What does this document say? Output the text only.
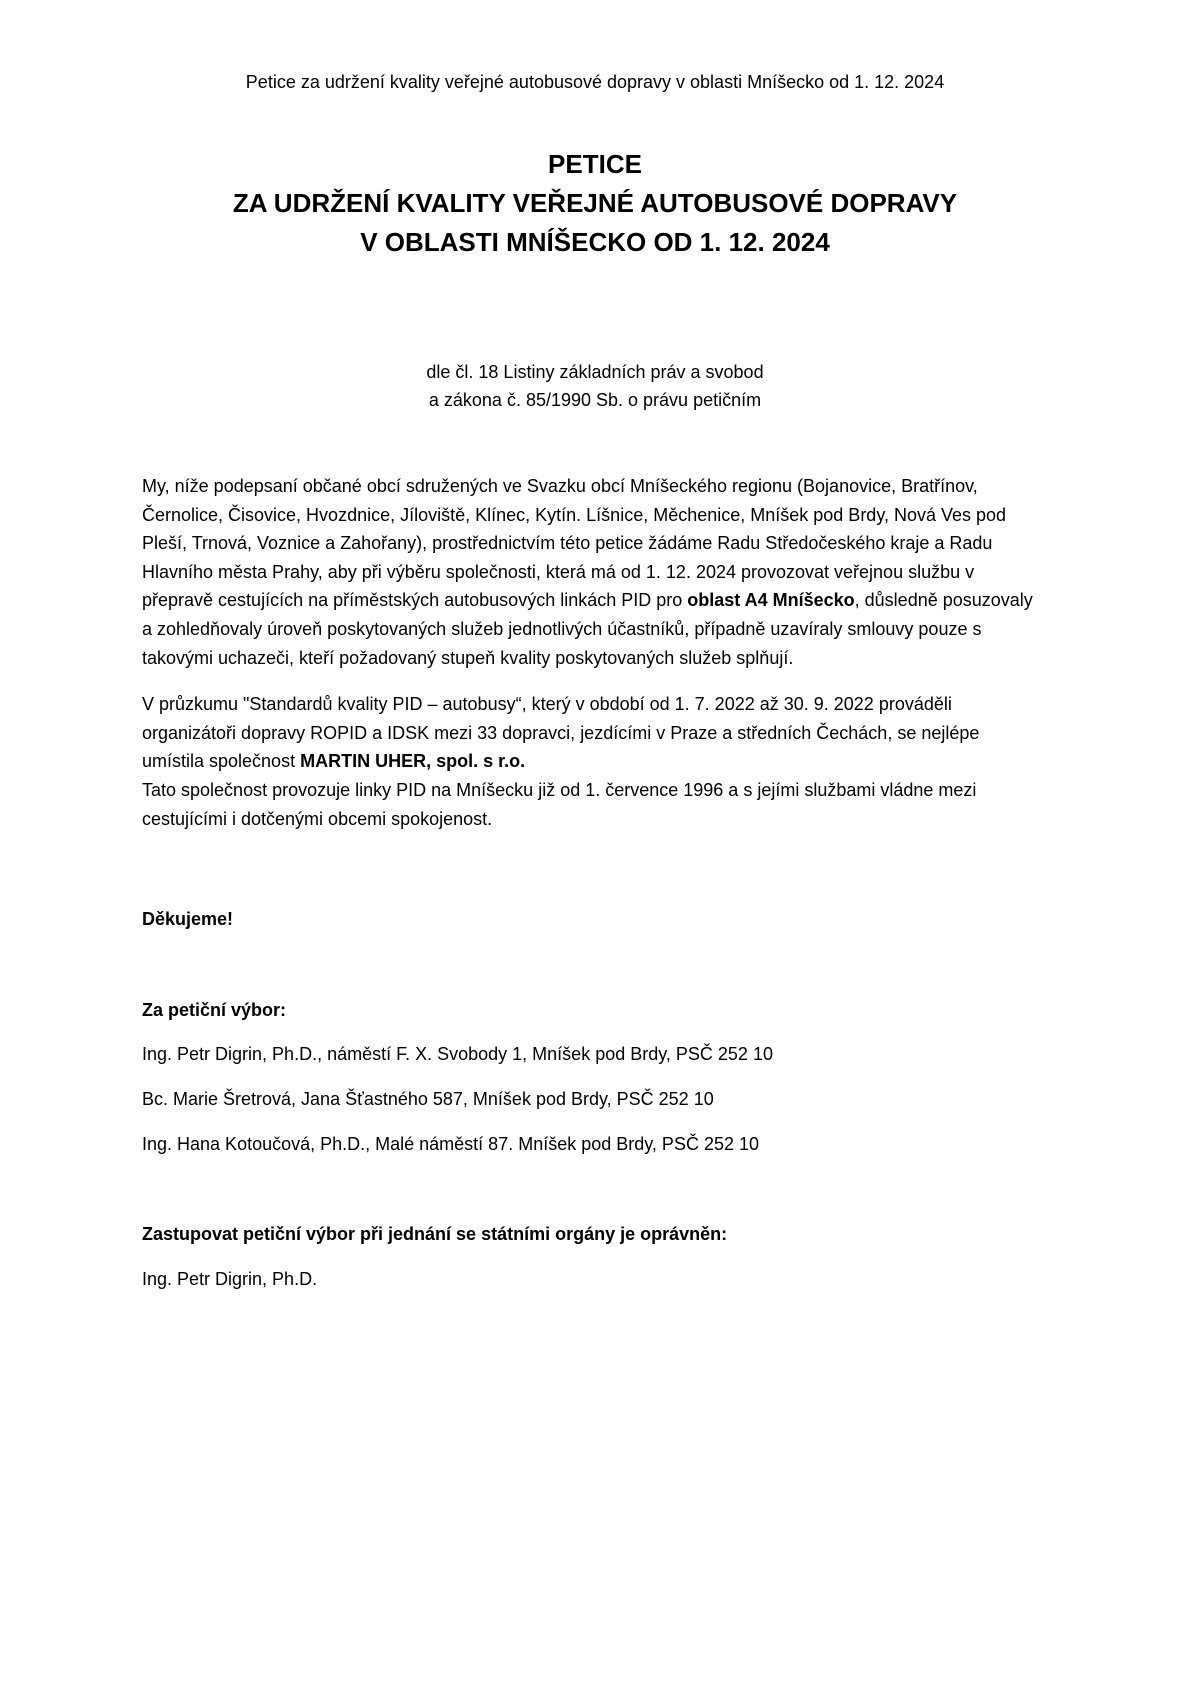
Petice za udržení kvality veřejné autobusové dopravy v oblasti Mníšecko od 1. 12. 2024
PETICE
ZA UDRŽENÍ KVALITY VEŘEJNÉ AUTOBUSOVÉ DOPRAVY
V OBLASTI MNÍŠECKO OD 1. 12. 2024
dle čl. 18 Listiny základních práv a svobod
a zákona č. 85/1990 Sb. o právu petičním

My, níže podepsaní občané obcí sdružených ve Svazku obcí Mníšeckého regionu (Bojanovice, Bratřínov, Černolice, Čisovice, Hvozdnice, Jíloviště, Klínec, Kytín. Líšnice, Měchenice, Mníšek pod Brdy, Nová Ves pod Pleší, Trnová, Voznice a Zahořany), prostřednictvím této petice žádáme Radu Středočeského kraje a Radu Hlavního města Prahy, aby při výběru společnosti, která má od 1. 12. 2024 provozovat veřejnou službu v přepravě cestujících na příměstských autobusových linkách PID pro oblast A4 Mníšecko, důsledně posuzovaly a zohledňovaly úroveň poskytovaných služeb jednotlivých účastníků, případně uzavíraly smlouvy pouze s takovými uchazeči, kteří požadovaný stupeň kvality poskytovaných služeb splňují.

V průzkumu "Standardů kvality PID – autobusy“, který v období od 1. 7. 2022 až 30. 9. 2022 prováděli organizátoři dopravy ROPID a IDSK mezi 33 dopravci, jezdícími v Praze a středních Čechách, se nejlépe umístila společnost MARTIN UHER, spol. s r.o.
Tato společnost provozuje linky PID na Mníšecku již od 1. července 1996 a s jejími službami vládne mezi cestujícími i dotčenými obcemi spokojenost.

Děkujeme!

Za petiční výbor:

Ing. Petr Digrin, Ph.D., náměstí F. X. Svobody 1, Mníšek pod Brdy, PSČ 252 10

Bc. Marie Šretrová, Jana Šťastného 587, Mníšek pod Brdy, PSČ 252 10

Ing. Hana Kotoučová, Ph.D., Malé náměstí 87. Mníšek pod Brdy, PSČ 252 10

Zastupovat petiční výbor při jednání se státními orgány je oprávněn:

Ing. Petr Digrin, Ph.D.
